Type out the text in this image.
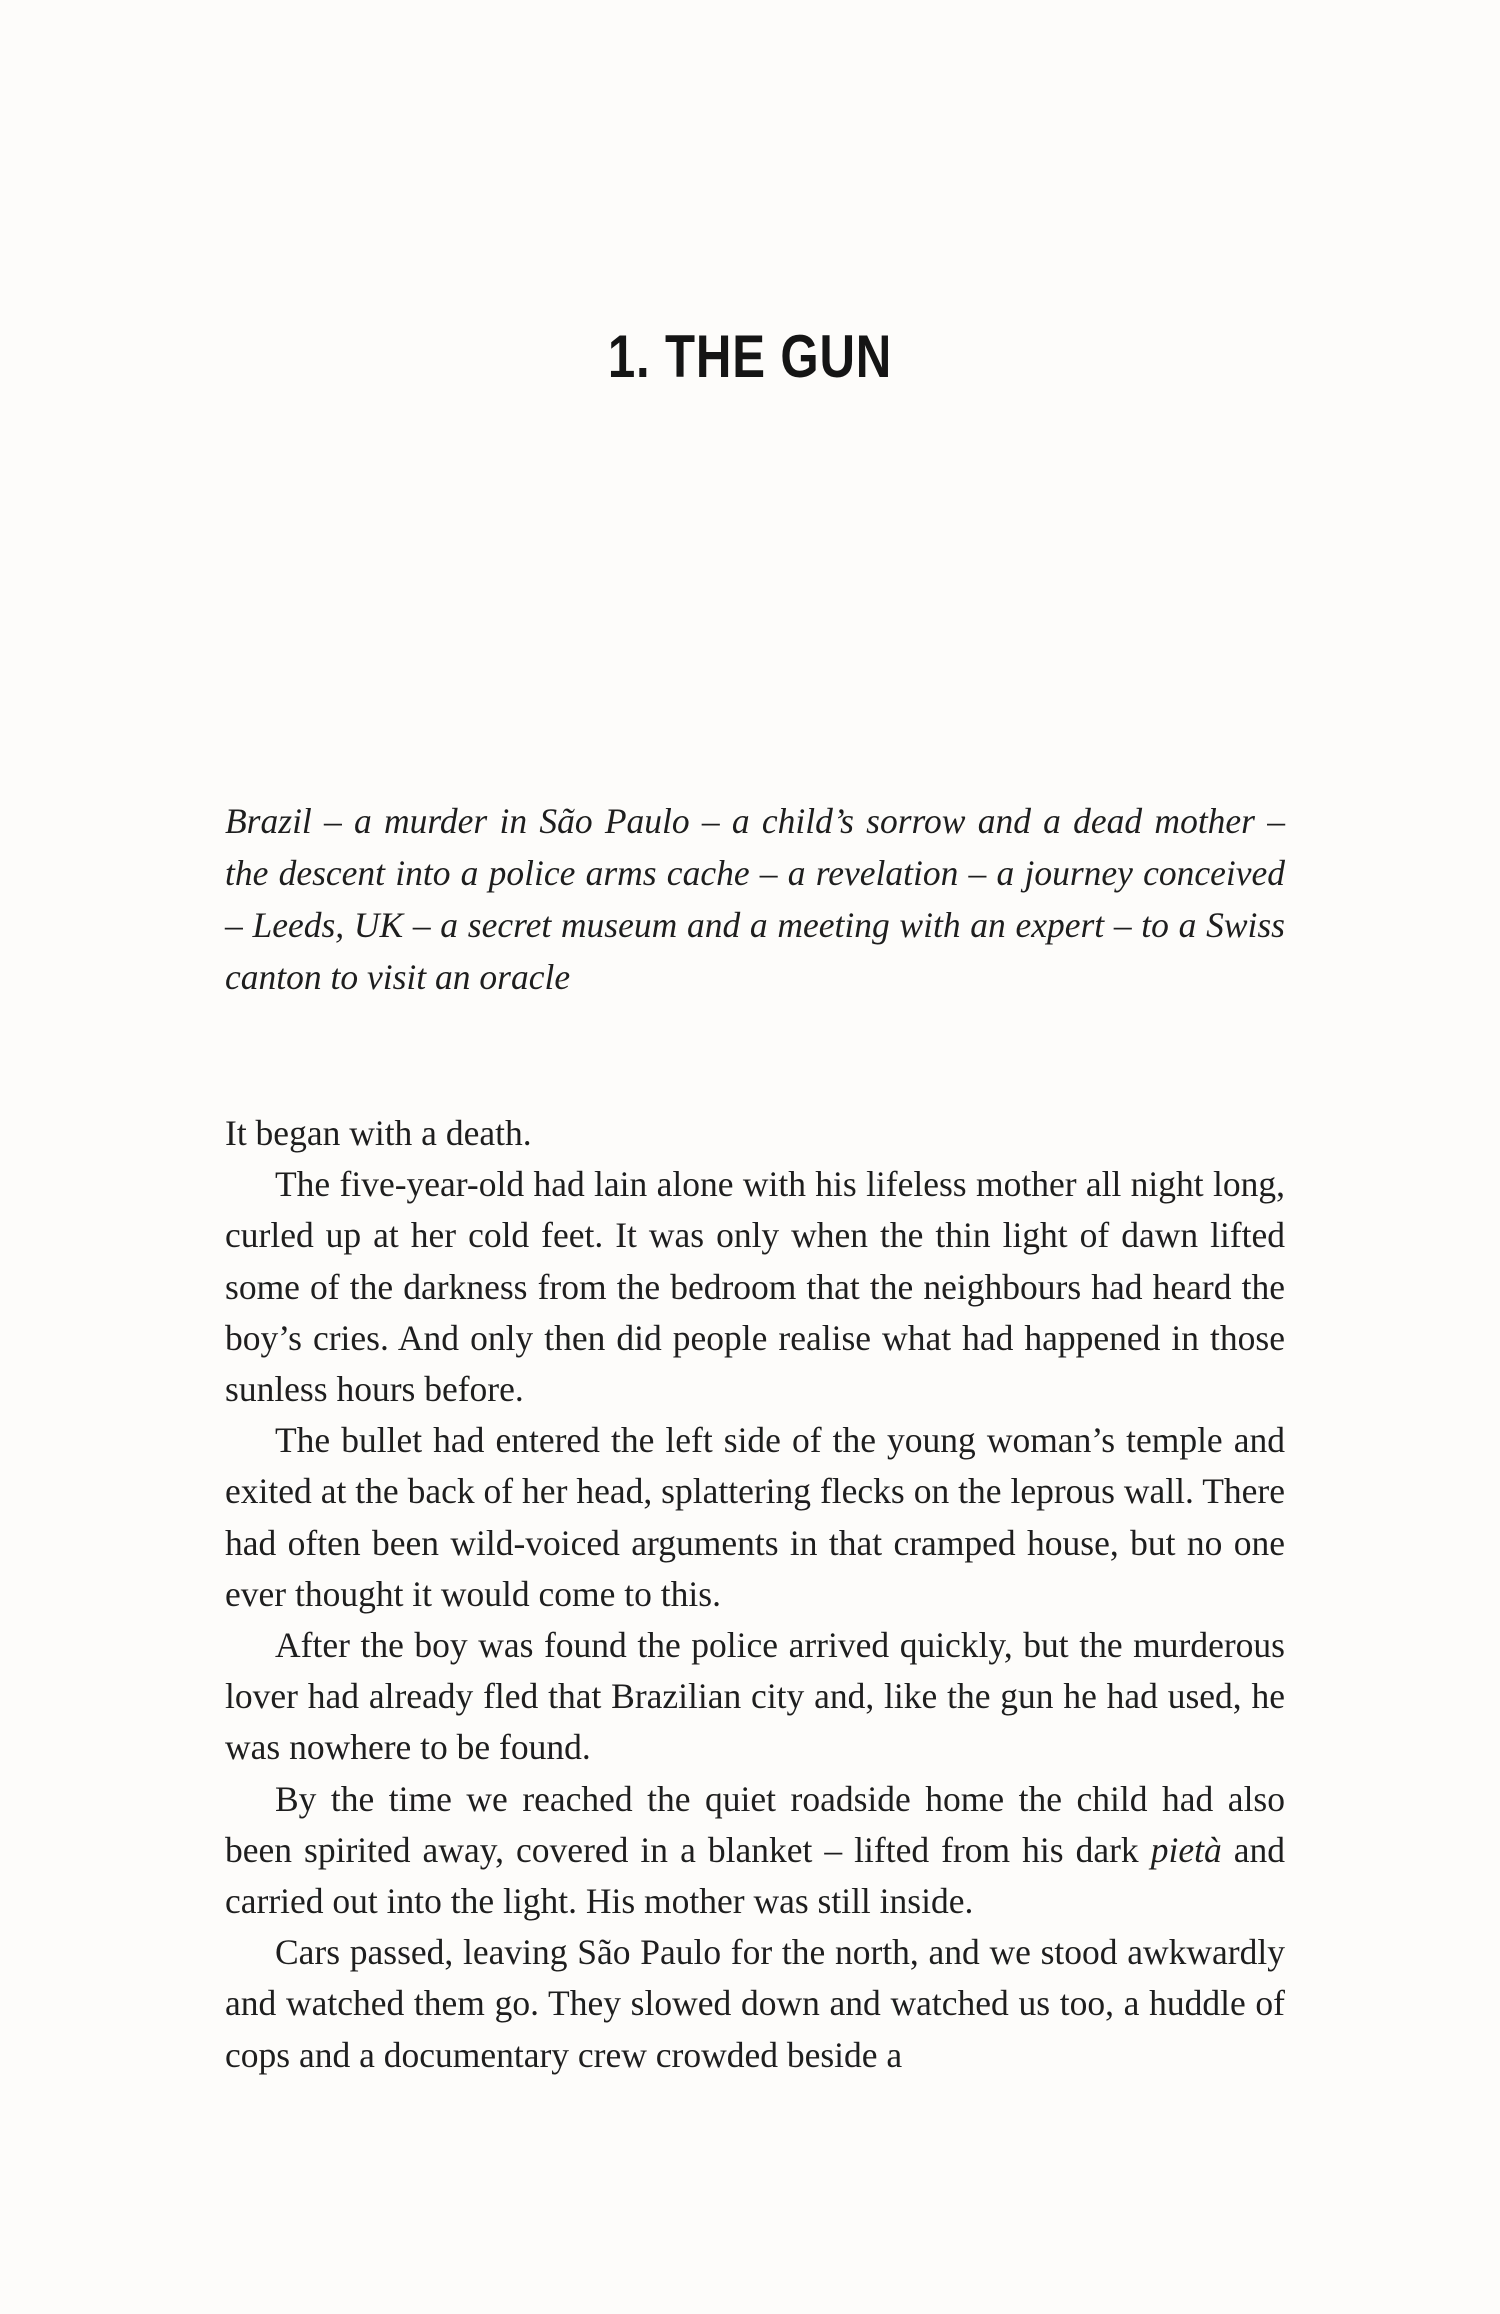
1. THE GUN

Brazil – a murder in São Paulo – a child’s sorrow and a dead mother – the descent into a police arms cache – a revelation – a journey conceived – Leeds, UK – a secret museum and a meeting with an expert – to a Swiss canton to visit an oracle

It began with a death.

The five-year-old had lain alone with his lifeless mother all night long, curled up at her cold feet. It was only when the thin light of dawn lifted some of the darkness from the bedroom that the neighbours had heard the boy’s cries. And only then did people realise what had happened in those sunless hours before.

The bullet had entered the left side of the young woman’s temple and exited at the back of her head, splattering flecks on the leprous wall. There had often been wild-voiced arguments in that cramped house, but no one ever thought it would come to this.

After the boy was found the police arrived quickly, but the murderous lover had already fled that Brazilian city and, like the gun he had used, he was nowhere to be found.

By the time we reached the quiet roadside home the child had also been spirited away, covered in a blanket – lifted from his dark pietà and carried out into the light. His mother was still inside.

Cars passed, leaving São Paulo for the north, and we stood awkwardly and watched them go. They slowed down and watched us too, a huddle of cops and a documentary crew crowded beside a
